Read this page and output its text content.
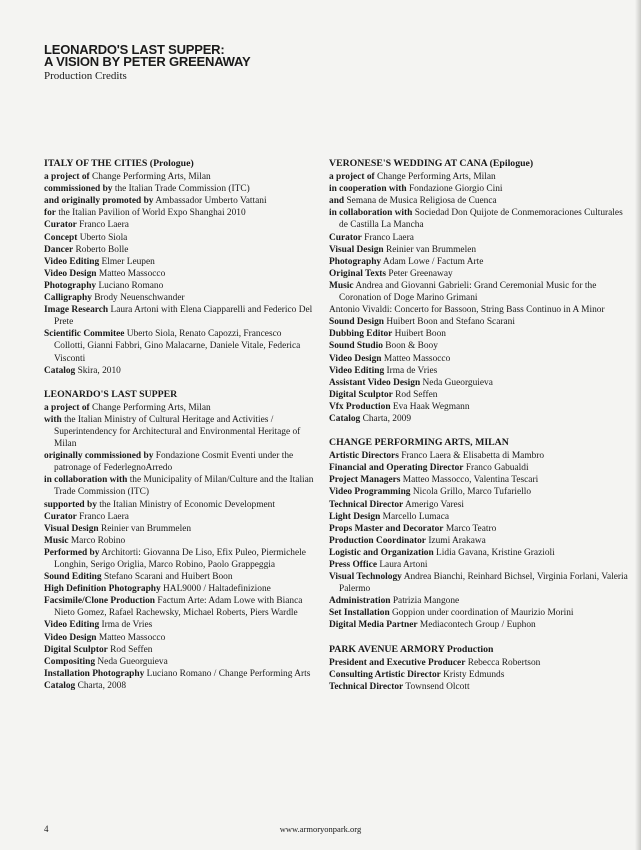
LEONARDO'S LAST SUPPER:
A VISION BY PETER GREENAWAY
Production Credits
ITALY OF THE CITIES (Prologue)
a project of Change Performing Arts, Milan
commissioned by the Italian Trade Commission (ITC)
and originally promoted by Ambassador Umberto Vattani
for the Italian Pavilion of World Expo Shanghai 2010
Curator Franco Laera
Concept Uberto Siola
Dancer Roberto Bolle
Video Editing Elmer Leupen
Video Design Matteo Massocco
Photography Luciano Romano
Calligraphy Brody Neuenschwander
Image Research Laura Artoni with Elena Ciapparelli and Federico Del Prete
Scientific Commitee Uberto Siola, Renato Capozzi, Francesco Collotti, Gianni Fabbri, Gino Malacarne, Daniele Vitale, Federica Visconti
Catalog Skira, 2010
LEONARDO'S LAST SUPPER
a project of Change Performing Arts, Milan
with the Italian Ministry of Cultural Heritage and Activities / Superintendency for Architectural and Environmental Heritage of Milan
originally commissioned by Fondazione Cosmit Eventi under the patronage of FederlegnoArredo
in collaboration with the Municipality of Milan/Culture and the Italian Trade Commission (ITC)
supported by the Italian Ministry of Economic Development
Curator Franco Laera
Visual Design Reinier van Brummelen
Music Marco Robino
Performed by Architorti: Giovanna De Liso, Efix Puleo, Piermichele Longhin, Serigo Origlia, Marco Robino, Paolo Grappeggia
Sound Editing Stefano Scarani and Huibert Boon
High Definition Photography HAL9000 / Haltadefinizione
Facsimile/Clone Production Factum Arte: Adam Lowe with Bianca Nieto Gomez, Rafael Rachewsky, Michael Roberts, Piers Wardle
Video Editing Irma de Vries
Video Design Matteo Massocco
Digital Sculptor Rod Seffen
Compositing Neda Gueorguieva
Installation Photography Luciano Romano / Change Performing Arts
Catalog Charta, 2008
VERONESE'S WEDDING AT CANA (Epilogue)
a project of Change Performing Arts, Milan
in cooperation with Fondazione Giorgio Cini
and Semana de Musica Religiosa de Cuenca
in collaboration with Sociedad Don Quijote de Conmemoraciones Culturales de Castilla La Mancha
Curator Franco Laera
Visual Design Reinier van Brummelen
Photography Adam Lowe / Factum Arte
Original Texts Peter Greenaway
Music Andrea and Giovanni Gabrieli: Grand Ceremonial Music for the Coronation of Doge Marino Grimani
Antonio Vivaldi: Concerto for Bassoon, String Bass Continuo in A Minor
Sound Design Huibert Boon and Stefano Scarani
Dubbing Editor Huibert Boon
Sound Studio Boon & Booy
Video Design Matteo Massocco
Video Editing Irma de Vries
Assistant Video Design Neda Gueorguieva
Digital Sculptor Rod Seffen
Vfx Production Eva Haak Wegmann
Catalog Charta, 2009
CHANGE PERFORMING ARTS, MILAN
Artistic Directors Franco Laera & Elisabetta di Mambro
Financial and Operating Director Franco Gabualdi
Project Managers Matteo Massocco, Valentina Tescari
Video Programming Nicola Grillo, Marco Tufariello
Technical Director Amerigo Varesi
Light Design Marcello Lumaca
Props Master and Decorator Marco Teatro
Production Coordinator Izumi Arakawa
Logistic and Organization Lidia Gavana, Kristine Grazioli
Press Office Laura Artoni
Visual Technology Andrea Bianchi, Reinhard Bichsel, Virginia Forlani, Valeria Palermo
Administration Patrizia Mangone
Set Installation Goppion under coordination of Maurizio Morini
Digital Media Partner Mediacontech Group / Euphon
PARK AVENUE ARMORY Production
President and Executive Producer Rebecca Robertson
Consulting Artistic Director Kristy Edmunds
Technical Director Townsend Olcott
4	www.armoryonpark.org
